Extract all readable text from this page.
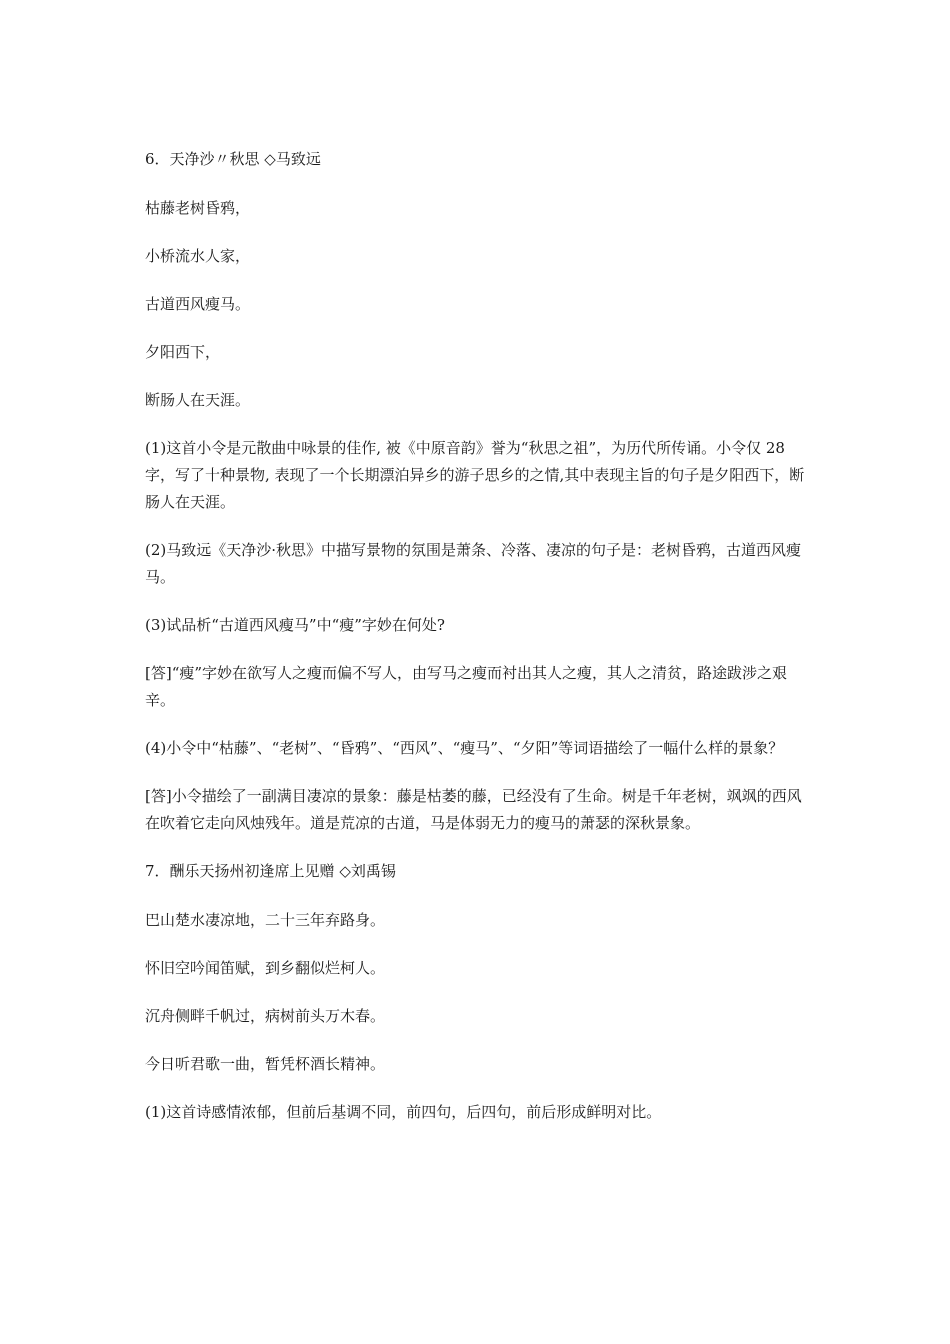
6．天净沙〃秋思 ◇马致远

枯藤老树昏鸦，

小桥流水人家，

古道西风瘦马。

夕阳西下，

断肠人在天涯。

(1)这首小令是元散曲中咏景的佳作, 被《中原音韵》誉为“秋思之祖”，为历代所传诵。小令仅 28 字，写了十种景物, 表现了一个长期漂泊异乡的游子思乡的之情,其中表现主旨的句子是夕阳西下，断肠人在天涯。

(2)马致远《天净沙·秋思》中描写景物的氛围是萧条、冷落、凄凉的句子是：老树昏鸦，古道西风瘦马。

(3)试品析“古道西风瘦马”中“瘦”字妙在何处?

[答]“瘦”字妙在欲写人之瘦而偏不写人，由写马之瘦而衬出其人之瘦，其人之清贫，路途跋涉之艰辛。

(4)小令中“枯藤”、“老树”、“昏鸦”、“西风”、“瘦马”、“夕阳”等词语描绘了一幅什么样的景象？

[答]小令描绘了一副满目凄凉的景象：藤是枯萎的藤，已经没有了生命。树是千年老树，飒飒的西风在吹着它走向风烛残年。道是荒凉的古道，马是体弱无力的瘦马的萧瑟的深秋景象。

7．酬乐天扬州初逢席上见赠 ◇刘禹锡

巴山楚水凄凉地，二十三年弃路身。

怀旧空吟闻笛赋，到乡翻似烂柯人。

沉舟侧畔千帆过，病树前头万木春。

今日听君歌一曲，暂凭杯酒长精神。

(1)这首诗感情浓郁，但前后基调不同，前四句，后四句，前后形成鲜明对比。
